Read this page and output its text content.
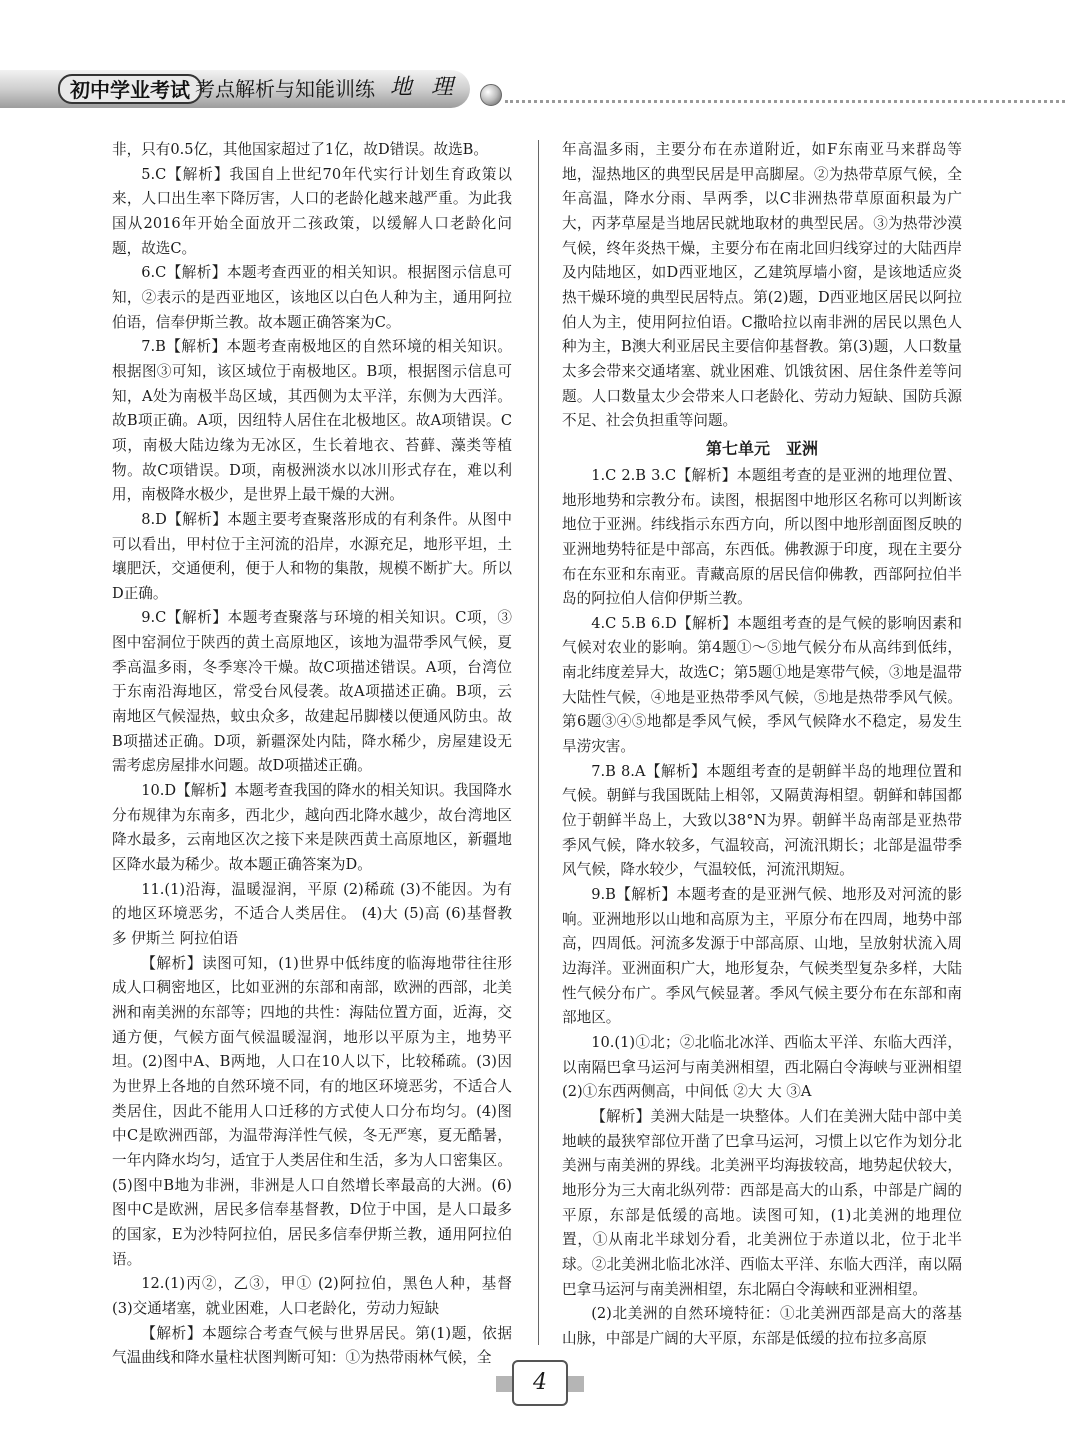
初中学业考试 考点解析与知能训练 地 理

非，只有0.5亿，其他国家超过了1亿，故D错误。故选B。

5.C【解析】我国自上世纪70年代实行计划生育政策以来，人口出生率下降厉害，人口的老龄化越来越严重。为此我国从2016年开始全面放开二孩政策，以缓解人口老龄化问题，故选C。

6.C【解析】本题考查西亚的相关知识。根据图示信息可知，②表示的是西亚地区，该地区以白色人种为主，通用阿拉伯语，信奉伊斯兰教。故本题正确答案为C。

7.B【解析】本题考查南极地区的自然环境的相关知识。根据图③可知，该区域位于南极地区。B项，根据图示信息可知，A处为南极半岛区域，其西侧为太平洋，东侧为大西洋。故B项正确。A项，因纽特人居住在北极地区。故A项错误。C项，南极大陆边缘为无冰区，生长着地衣、苔藓、藻类等植物。故C项错误。D项，南极洲淡水以冰川形式存在，难以利用，南极降水极少，是世界上最干燥的大洲。

8.D【解析】本题主要考查聚落形成的有利条件。从图中可以看出，甲村位于主河流的沿岸，水源充足，地形平坦，土壤肥沃，交通便利，便于人和物的集散，规模不断扩大。所以D正确。

9.C【解析】本题考查聚落与环境的相关知识。C项，③图中窑洞位于陕西的黄土高原地区，该地为温带季风气候，夏季高温多雨，冬季寒冷干燥。故C项描述错误。A项，台湾位于东南沿海地区，常受台风侵袭。故A项描述正确。B项，云南地区气候湿热，蚊虫众多，故建起吊脚楼以便通风防虫。故B项描述正确。D项，新疆深处内陆，降水稀少，房屋建设无需考虑房屋排水问题。故D项描述正确。

10.D【解析】本题考查我国的降水的相关知识。我国降水分布规律为东南多，西北少，越向西北降水越少，故台湾地区降水最多，云南地区次之接下来是陕西黄土高原地区，新疆地区降水最为稀少。故本题正确答案为D。

11.(1)沿海，温暖湿润，平原 (2)稀疏 (3)不能因。为有的地区环境恶劣，不适合人类居住。 (4)大 (5)高 (6)基督教 多 伊斯兰 阿拉伯语

【解析】读图可知，(1)世界中低纬度的临海地带往往形成人口稠密地区，比如亚洲的东部和南部，欧洲的西部，北美洲和南美洲的东部等；四地的共性：海陆位置方面，近海，交通方便，气候方面气候温暖湿润，地形以平原为主，地势平坦。(2)图中A、B两地，人口在10人以下，比较稀疏。(3)因为世界上各地的自然环境不同，有的地区环境恶劣，不适合人类居住，因此不能用人口迁移的方式使人口分布均匀。(4)图中C是欧洲西部，为温带海洋性气候，冬无严寒，夏无酷暑，一年内降水均匀，适宜于人类居住和生活，多为人口密集区。(5)图中B地为非洲，非洲是人口自然增长率最高的大洲。(6)图中C是欧洲，居民多信奉基督教，D位于中国，是人口最多的国家，E为沙特阿拉伯，居民多信奉伊斯兰教，通用阿拉伯语。

12.(1)丙②，乙③，甲① (2)阿拉伯，黑色人种，基督 (3)交通堵塞，就业困难，人口老龄化，劳动力短缺

【解析】本题综合考查气候与世界居民。第(1)题，依据气温曲线和降水量柱状图判断可知：①为热带雨林气候，全

年高温多雨，主要分布在赤道附近，如F东南亚马来群岛等地，湿热地区的典型民居是甲高脚屋。②为热带草原气候，全年高温，降水分雨、旱两季，以C非洲热带草原面积最为广大，丙茅草屋是当地居民就地取材的典型民居。③为热带沙漠气候，终年炎热干燥，主要分布在南北回归线穿过的大陆西岸及内陆地区，如D西亚地区，乙建筑厚墙小窗，是该地适应炎热干燥环境的典型民居特点。第(2)题，D西亚地区居民以阿拉伯人为主，使用阿拉伯语。C撒哈拉以南非洲的居民以黑色人种为主，B澳大利亚居民主要信仰基督教。第(3)题，人口数量太多会带来交通堵塞、就业困难、饥饿贫困、居住条件差等问题。人口数量太少会带来人口老龄化、劳动力短缺、国防兵源不足、社会负担重等问题。

第七单元　亚洲

1.C 2.B 3.C【解析】本题组考查的是亚洲的地理位置、地形地势和宗教分布。读图，根据图中地形区名称可以判断该地位于亚洲。纬线指示东西方向，所以图中地形剖面图反映的亚洲地势特征是中部高，东西低。佛教源于印度，现在主要分布在东亚和东南亚。青藏高原的居民信仰佛教，西部阿拉伯半岛的阿拉伯人信仰伊斯兰教。

4.C 5.B 6.D【解析】本题组考查的是气候的影响因素和气候对农业的影响。第4题①～⑤地气候分布从高纬到低纬，南北纬度差异大，故选C；第5题①地是寒带气候，③地是温带大陆性气候，④地是亚热带季风气候，⑤地是热带季风气候。第6题③④⑤地都是季风气候，季风气候降水不稳定，易发生旱涝灾害。

7.B 8.A【解析】本题组考查的是朝鲜半岛的地理位置和气候。朝鲜与我国既陆上相邻，又隔黄海相望。朝鲜和韩国都位于朝鲜半岛上，大致以38°N为界。朝鲜半岛南部是亚热带季风气候，降水较多，气温较高，河流汛期长；北部是温带季风气候，降水较少，气温较低，河流汛期短。

9.B【解析】本题考查的是亚洲气候、地形及对河流的影响。亚洲地形以山地和高原为主，平原分布在四周，地势中部高，四周低。河流多发源于中部高原、山地，呈放射状流入周边海洋。亚洲面积广大，地形复杂，气候类型复杂多样，大陆性气候分布广。季风气候显著。季风气候主要分布在东部和南部地区。

10.(1)①北；②北临北冰洋、西临太平洋、东临大西洋，以南隔巴拿马运河与南美洲相望，西北隔白令海峡与亚洲相望 (2)①东西两侧高，中间低 ②大 大 ③A

【解析】美洲大陆是一块整体。人们在美洲大陆中部中美地峡的最狭窄部位开凿了巴拿马运河，习惯上以它作为划分北美洲与南美洲的界线。北美洲平均海拔较高，地势起伏较大，地形分为三大南北纵列带：西部是高大的山系，中部是广阔的平原，东部是低缓的高地。读图可知，(1)北美洲的地理位置，①从南北半球划分看，北美洲位于赤道以北，位于北半球。②北美洲北临北冰洋、西临太平洋、东临大西洋，南以隔巴拿马运河与南美洲相望，东北隔白令海峡和亚洲相望。

(2)北美洲的自然环境特征：①北美洲西部是高大的落基山脉，中部是广阔的大平原，东部是低缓的拉布拉多高原

4
